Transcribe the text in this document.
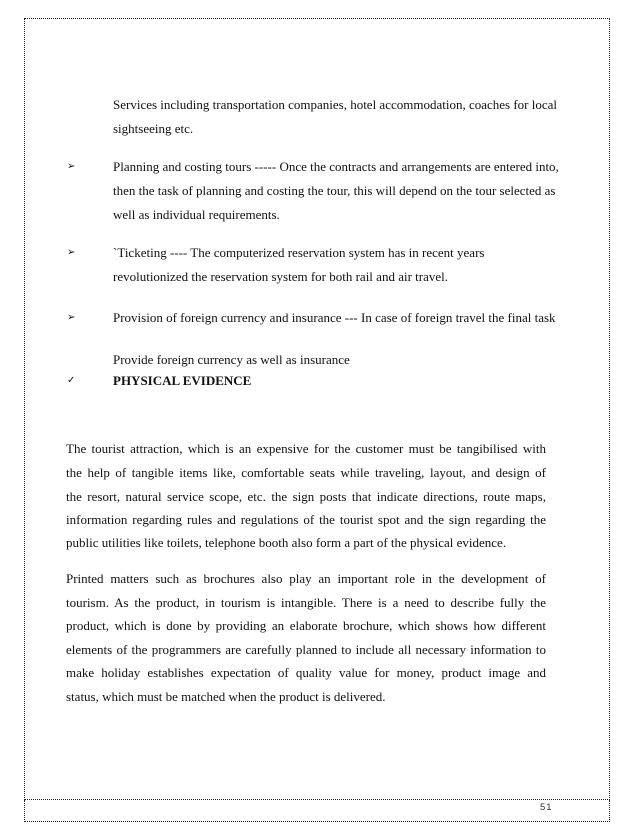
51
Services including transportation companies, hotel accommodation, coaches for local
sightseeing etc.
➢	Planning and costing tours ----- Once the contracts and arrangements are entered into,
then the task of planning and costing the tour, this will depend on the tour selected as
well as individual requirements.
➢	`Ticketing ---- The computerized reservation system has in recent years
revolutionized the reservation system for both rail and air travel.
➢	Provision of foreign currency and insurance --- In case of foreign travel the final task
Provide foreign currency as well as insurance
✓	PHYSICAL EVIDENCE
The tourist attraction, which is an expensive for the customer must be tangibilised with
the help of tangible items like, comfortable seats while traveling, layout, and design of
the resort, natural service scope, etc. the sign posts that indicate directions, route maps,
information regarding rules and regulations of the tourist spot and the sign regarding the
public utilities like toilets, telephone booth also form a part of the physical evidence.
Printed matters such as brochures also play an important role in the development of
tourism. As the product, in tourism is intangible. There is a need to describe fully the
product, which is done by providing an elaborate brochure, which shows how different
elements of the programmers are carefully planned to include all necessary information to
make holiday establishes expectation of quality value for money, product image and
status, which must be matched when the product is delivered.
